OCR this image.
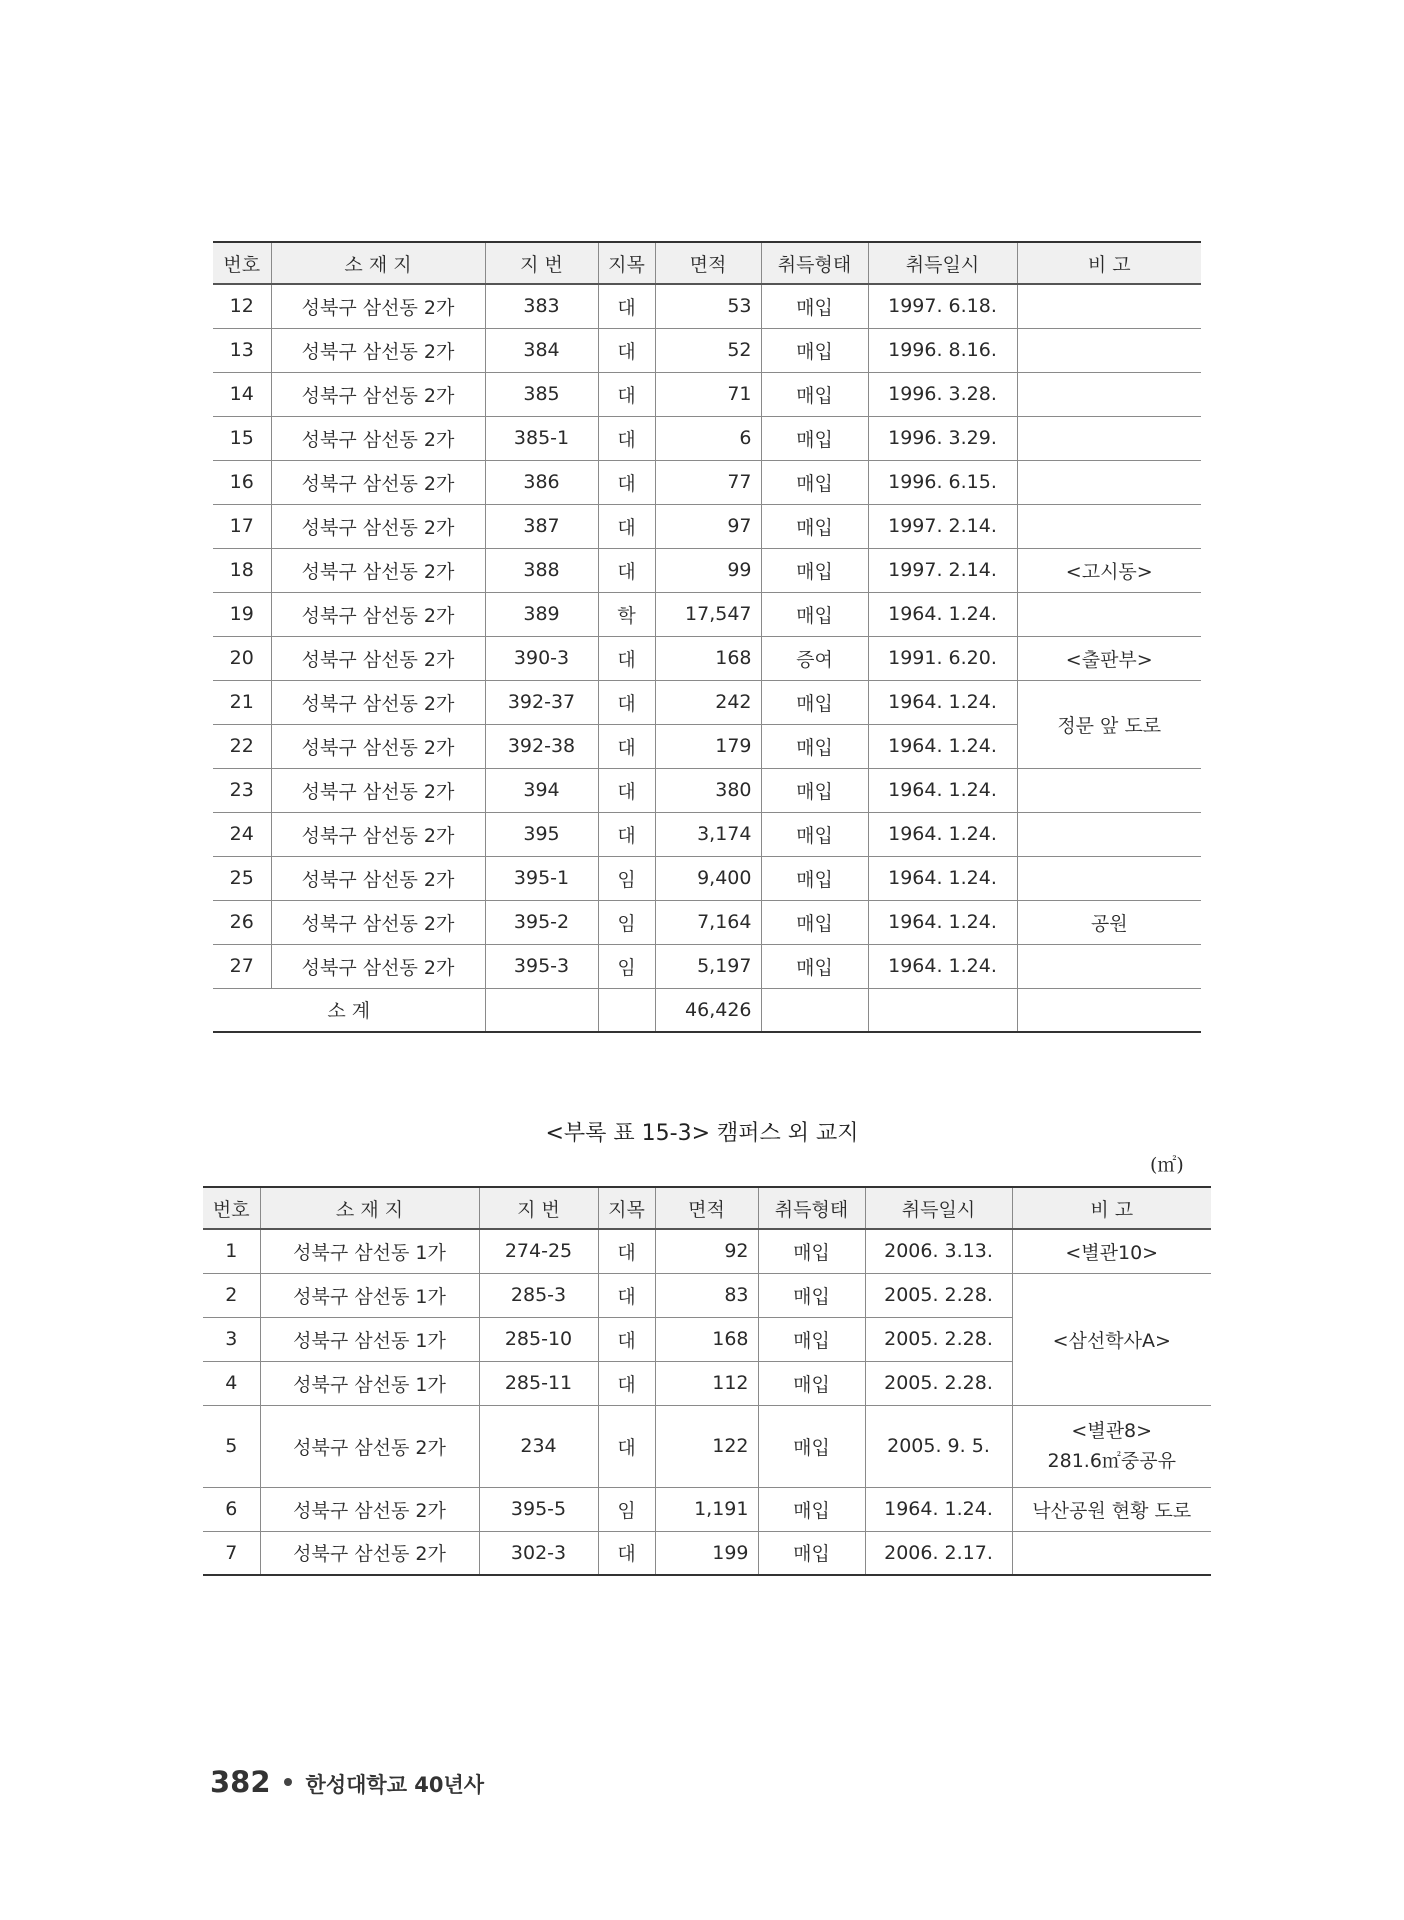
번호	소 재 지	지 번	지목	면적	취득형태	취득일시	비 고
12	성북구 삼선동 2가	383	대	53	매입	1997. 6.18.	
13	성북구 삼선동 2가	384	대	52	매입	1996. 8.16.	
14	성북구 삼선동 2가	385	대	71	매입	1996. 3.28.	
15	성북구 삼선동 2가	385-1	대	6	매입	1996. 3.29.	
16	성북구 삼선동 2가	386	대	77	매입	1996. 6.15.	
17	성북구 삼선동 2가	387	대	97	매입	1997. 2.14.	
18	성북구 삼선동 2가	388	대	99	매입	1997. 2.14.	<고시동>
19	성북구 삼선동 2가	389	학	17,547	매입	1964. 1.24.	
20	성북구 삼선동 2가	390-3	대	168	증여	1991. 6.20.	<출판부>
21	성북구 삼선동 2가	392-37	대	242	매입	1964. 1.24.	정문 앞 도로
22	성북구 삼선동 2가	392-38	대	179	매입	1964. 1.24.	
23	성북구 삼선동 2가	394	대	380	매입	1964. 1.24.	
24	성북구 삼선동 2가	395	대	3,174	매입	1964. 1.24.	
25	성북구 삼선동 2가	395-1	임	9,400	매입	1964. 1.24.	
26	성북구 삼선동 2가	395-2	임	7,164	매입	1964. 1.24.	공원
27	성북구 삼선동 2가	395-3	임	5,197	매입	1964. 1.24.	
소 계				46,426			
<부록 표 15-3> 캠퍼스 외 교지
(㎡)
번호	소 재 지	지 번	지목	면적	취득형태	취득일시	비 고
1	성북구 삼선동 1가	274-25	대	92	매입	2006. 3.13.	<별관10>
2	성북구 삼선동 1가	285-3	대	83	매입	2005. 2.28.	<삼선학사A>
3	성북구 삼선동 1가	285-10	대	168	매입	2005. 2.28.	
4	성북구 삼선동 1가	285-11	대	112	매입	2005. 2.28.	
5	성북구 삼선동 2가	234	대	122	매입	2005. 9. 5.	<별관8>
281.6㎡중공유

6	성북구 삼선동 2가	395-5	임	1,191	매입	1964. 1.24.	낙산공원 현황 도로
7	성북구 삼선동 2가	302-3	대	199	매입	2006. 2.17.	
382 한성대학교 40년사
